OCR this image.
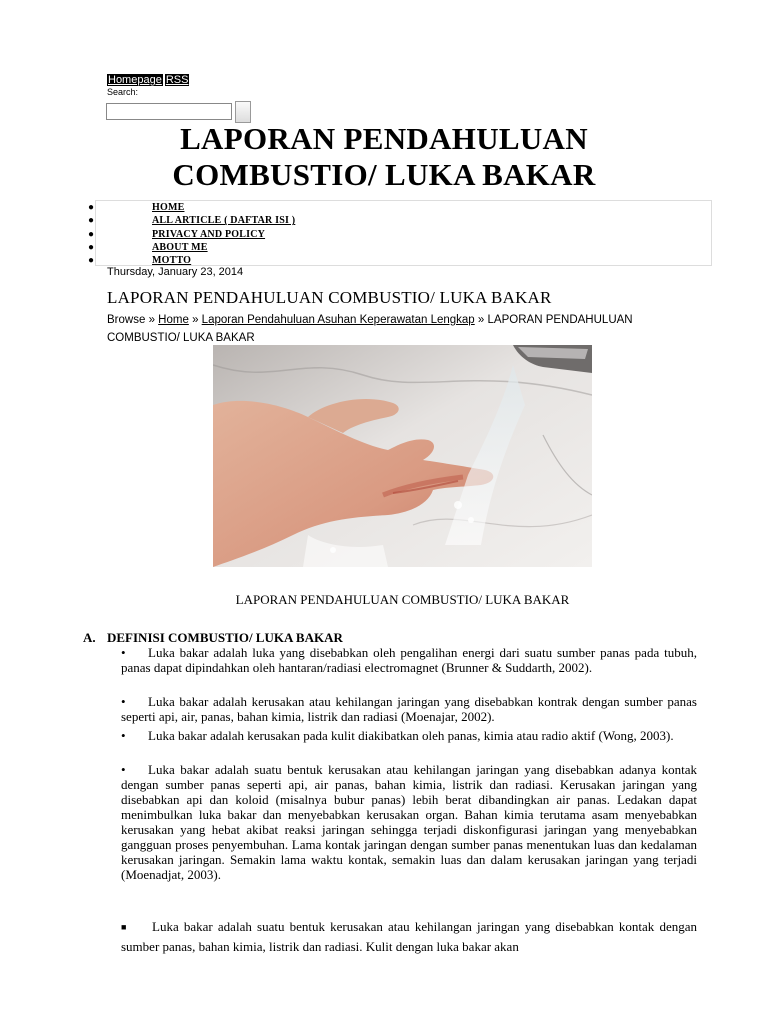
Homepage RSS
Search:
LAPORAN PENDAHULUAN
COMBUSTIO/ LUKA BAKAR
●	HOME
●	ALL ARTICLE ( DAFTAR ISI )
●	PRIVACY AND POLICY
●	ABOUT ME
●	MOTTO
Thursday, January 23, 2014
LAPORAN PENDAHULUAN COMBUSTIO/ LUKA BAKAR
Browse » Home » Laporan Pendahuluan Asuhan Keperawatan Lengkap » LAPORAN PENDAHULUAN
COMBUSTIO/ LUKA BAKAR
LAPORAN PENDAHULUAN COMBUSTIO/ LUKA BAKAR
A. DEFINISI COMBUSTIO/ LUKA BAKAR
•	Luka bakar adalah luka yang disebabkan oleh pengalihan energi dari suatu sumber panas pada tubuh, panas dapat dipindahkan oleh hantaran/radiasi electromagnet (Brunner & Suddarth, 2002).
•	Luka bakar adalah kerusakan atau kehilangan jaringan yang disebabkan kontrak dengan sumber panas seperti api, air, panas, bahan kimia, listrik dan radiasi (Moenajar, 2002).
•	Luka bakar adalah kerusakan pada kulit diakibatkan oleh panas, kimia atau radio aktif (Wong, 2003).
•	Luka bakar adalah suatu bentuk kerusakan atau kehilangan jaringan yang disebabkan adanya kontak dengan sumber panas seperti api, air panas, bahan kimia, listrik dan radiasi. Kerusakan jaringan yang disebabkan api dan koloid (misalnya bubur panas) lebih berat dibandingkan air panas. Ledakan dapat menimbulkan luka bakar dan menyebabkan kerusakan organ. Bahan kimia terutama asam menyebabkan kerusakan yang hebat akibat reaksi jaringan sehingga terjadi diskonfigurasi jaringan yang menyebabkan gangguan proses penyembuhan. Lama kontak jaringan dengan sumber panas menentukan luas dan kedalaman kerusakan jaringan. Semakin lama waktu kontak, semakin luas dan dalam kerusakan jaringan yang terjadi (Moenadjat, 2003).
■	Luka bakar adalah suatu bentuk kerusakan atau kehilangan jaringan yang disebabkan kontak dengan sumber panas, bahan kimia, listrik dan radiasi. Kulit dengan luka bakar akan
